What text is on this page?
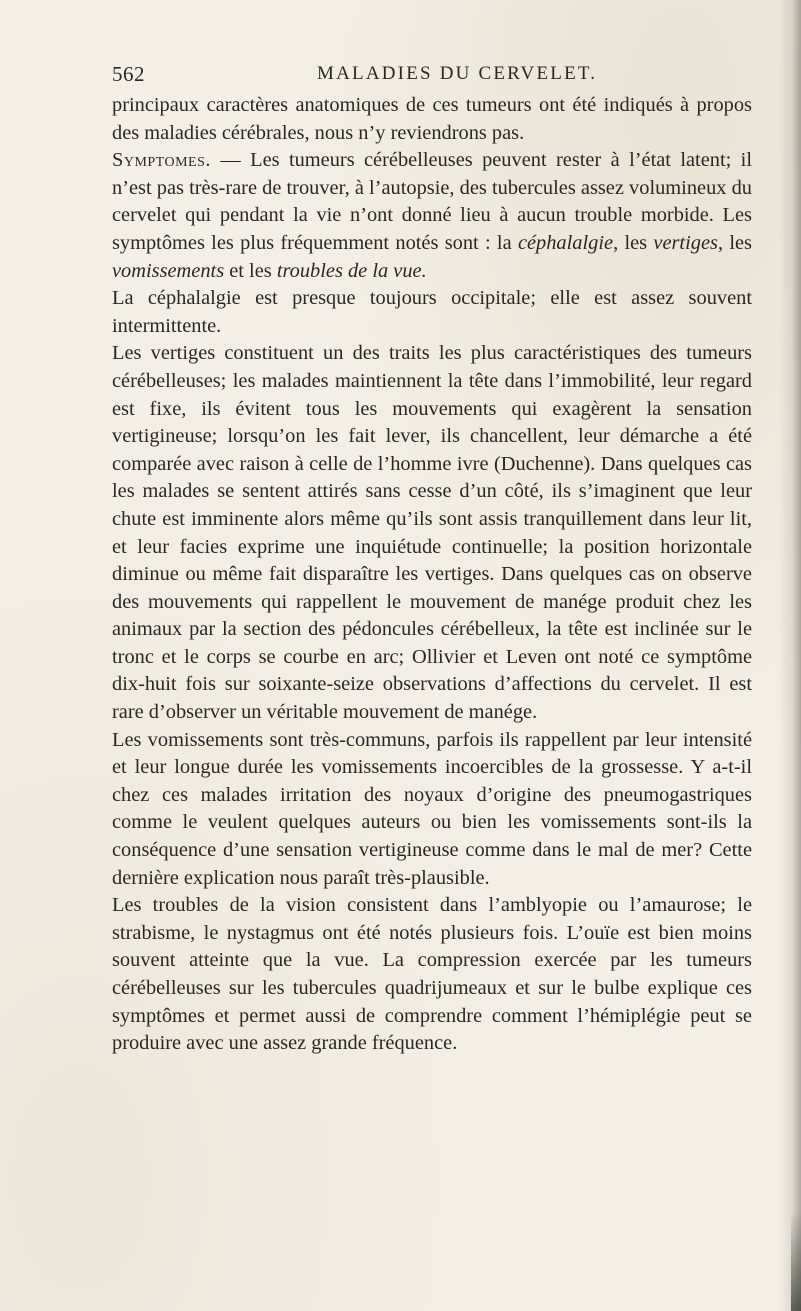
562	MALADIES DU CERVELET.

principaux caractères anatomiques de ces tumeurs ont été indiqués à propos des maladies cérébrales, nous n’y reviendrons pas.

Symptomes. — Les tumeurs cérébelleuses peuvent rester à l’état latent; il n’est pas très-rare de trouver, à l’autopsie, des tubercules assez volumineux du cervelet qui pendant la vie n’ont donné lieu à aucun trouble morbide. Les symptômes les plus fréquemment notés sont : la céphalalgie, les vertiges, les vomissements et les troubles de la vue.

La céphalalgie est presque toujours occipitale; elle est assez souvent intermittente.

Les vertiges constituent un des traits les plus caractéristiques des tumeurs cérébelleuses; les malades maintiennent la tête dans l’immobilité, leur regard est fixe, ils évitent tous les mouvements qui exagèrent la sensation vertigineuse; lorsqu’on les fait lever, ils chancellent, leur démarche a été comparée avec raison à celle de l’homme ivre (Duchenne). Dans quelques cas les malades se sentent attirés sans cesse d’un côté, ils s’imaginent que leur chute est imminente alors même qu’ils sont assis tranquillement dans leur lit, et leur facies exprime une inquiétude continuelle; la position horizontale diminue ou même fait disparaître les vertiges. Dans quelques cas on observe des mouvements qui rappellent le mouvement de manége produit chez les animaux par la section des pédoncules cérébelleux, la tête est inclinée sur le tronc et le corps se courbe en arc; Ollivier et Leven ont noté ce symptôme dix-huit fois sur soixante-seize observations d’affections du cervelet. Il est rare d’observer un véritable mouvement de manége.

Les vomissements sont très-communs, parfois ils rappellent par leur intensité et leur longue durée les vomissements incoercibles de la grossesse. Y a-t-il chez ces malades irritation des noyaux d’origine des pneumogastriques comme le veulent quelques auteurs ou bien les vomissements sont-ils la conséquence d’une sensation vertigineuse comme dans le mal de mer? Cette dernière explication nous paraît très-plausible.

Les troubles de la vision consistent dans l’amblyopie ou l’amaurose; le strabisme, le nystagmus ont été notés plusieurs fois. L’ouïe est bien moins souvent atteinte que la vue. La compression exercée par les tumeurs cérébelleuses sur les tubercules quadrijumeaux et sur le bulbe explique ces symptômes et permet aussi de comprendre comment l’hémiplégie peut se produire avec une assez grande fréquence.
